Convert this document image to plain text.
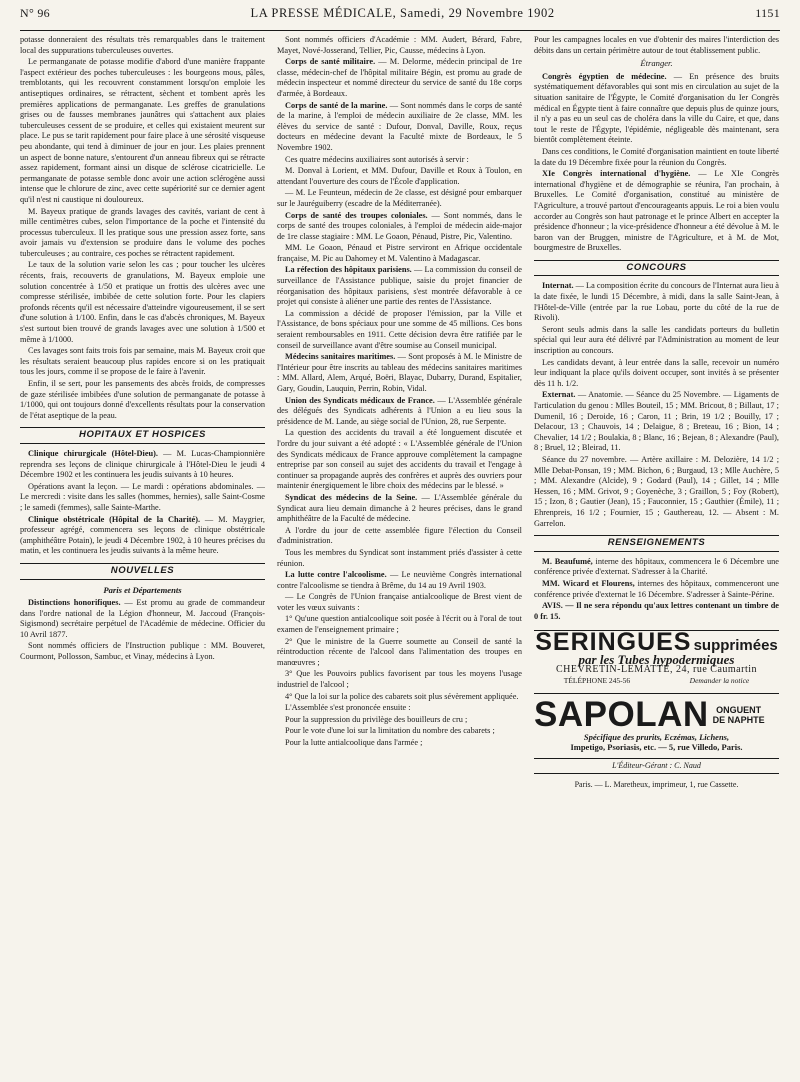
N° 96	LA PRESSE MÉDICALE, Samedi, 29 Novembre 1902	1151

potasse donneraient des résultats très remarquables dans le traitement local des suppurations tuberculeuses ouvertes.

Le permanganate de potasse modifie d'abord d'une manière frappante l'aspect extérieur des poches tuberculeuses : les bourgeons mous, pâles, tremblotants, qui les recouvrent constamment lorsqu'on emploie les antiseptiques ordinaires, se rétractent, sèchent et tombent après les premières applications de permanganate. Les greffes de granulations grises ou de fausses membranes jaunâtres qui s'attachent aux plaies tuberculeuses cessent de se produire, et celles qui existaient meurent sur place. Le pus se tarit rapidement pour faire place à une sérosité visqueuse peu abondante, qui tend à diminuer de jour en jour. Les plaies prennent un aspect de bonne nature, s'entourent d'un anneau fibreux qui se rétracte assez rapidement, formant ainsi un disque de sclérose cicatricielle. Le permanganate de potasse semble donc avoir une action sclérogène aussi intense que le chlorure de zinc, avec cette supériorité sur ce dernier agent qu'il n'est ni caustique ni douloureux.

M. Bayeux pratique de grands lavages des cavités, variant de cent à mille centimètres cubes, selon l'importance de la poche et l'intensité du processus tuberculeux. Il les pratique sous une pression assez forte, sans avoir jamais vu d'extension se produire dans le volume des poches tuberculeuses ; au contraire, ces poches se rétractent rapidement.

Le taux de la solution varie selon les cas ; pour toucher les ulcères récents, frais, recouverts de granulations, M. Bayeux emploie une solution concentrée à 1/50 et pratique un frottis des ulcères avec une compresse stérilisée, imbibée de cette solution forte. Pour les clapiers profonds récents qu'il est nécessaire d'atteindre vigoureusement, il se sert d'une solution à 1/100. Enfin, dans le cas d'abcès chroniques, M. Bayeux s'est surtout bien trouvé de grands lavages avec une solution à 1/500 et même à 1/1000.

Ces lavages sont faits trois fois par semaine, mais M. Bayeux croit que les résultats seraient beaucoup plus rapides encore si on les pratiquait tous les jours, comme il se propose de le faire à l'avenir.

Enfin, il se sert, pour les pansements des abcès froids, de compresses de gaze stérilisée imbibées d'une solution de permanganate de potasse à 1/1000, qui ont toujours donné d'excellents résultats pour la conservation de l'état aseptique de la peau.

HOPITAUX ET HOSPICES

Clinique chirurgicale (Hôtel-Dieu). — M. Lucas-Championnière reprendra ses leçons de clinique chirurgicale à l'Hôtel-Dieu le jeudi 4 Décembre 1902 et les continuera les jeudis suivants à 10 heures.

Opérations avant la leçon. — Le mardi : opérations abdominales. — Le mercredi : visite dans les salles (hommes, hernies), salle Saint-Cosme ; le samedi (femmes), salle Sainte-Marthe.

Clinique obstétricale (Hôpital de la Charité). — M. Maygrier, professeur agrégé, commencera ses leçons de clinique obstétricale (amphithéâtre Potain), le jeudi 4 Décembre 1902, à 10 heures précises du matin, et les continuera les jeudis suivants à la même heure.

NOUVELLES
Paris et Départements

Distinctions honorifiques. — Est promu au grade de commandeur dans l'ordre national de la Légion d'honneur, M. Jaccoud (François-Sigismond) secrétaire perpétuel de l'Académie de médecine. Officier du 10 Avril 1877.

Sont nommés officiers de l'Instruction publique : MM. Bouveret, Courmont, Pollosson, Sambuc, et Vinay, médecins à Lyon.

Sont nommés officiers d'Académie : MM. Audert, Bérard, Fabre, Mayet, Nové-Josserand, Tellier, Pic, Causse, médecins à Lyon.

Corps de santé militaire. — M. Delorme, médecin principal de 1re classe, médecin-chef de l'hôpital militaire Bégin, est promu au grade de médecin inspecteur et nommé directeur du service de santé du 18e corps d'armée, à Bordeaux.

Corps de santé de la marine. — Sont nommés dans le corps de santé de la marine, à l'emploi de médecin auxiliaire de 2e classe, MM. les élèves du service de santé : Dufour, Donval, Daville, Roux, reçus docteurs en médecine devant la Faculté mixte de Bordeaux, le 5 Novembre 1902.

Ces quatre médecins auxiliaires sont autorisés à servir :

M. Donval à Lorient, et MM. Dufour, Daville et Roux à Toulon, en attendant l'ouverture des cours de l'École d'application.

— M. Le Feunteun, médecin de 2e classe, est désigné pour embarquer sur le Jauréguiberry (escadre de la Méditerranée).

Corps de santé des troupes coloniales. — Sont nommés, dans le corps de santé des troupes coloniales, à l'emploi de médecin aide-major de 1re classe stagiaire : MM. Le Goaon, Pénaud, Pistre, Pic, Valentino.

MM. Le Goaon, Pénaud et Pistre serviront en Afrique occidentale française, M. Pic au Dahomey et M. Valentino à Madagascar.

La réfection des hôpitaux parisiens. — La commission du conseil de surveillance de l'Assistance publique, saisie du projet financier de réorganisation des hôpitaux parisiens, s'est montrée défavorable à ce projet qui consiste à aliéner une partie des rentes de l'Assistance.

La commission a décidé de proposer l'émission, par la Ville et l'Assistance, de bons spéciaux pour une somme de 45 millions. Ces bons seraient remboursables en 1911. Cette décision devra être ratifiée par le conseil de surveillance avant d'être soumise au Conseil municipal.

Médecins sanitaires maritimes. — Sont proposés à M. le Ministre de l'Intérieur pour être inscrits au tableau des médecins sanitaires maritimes : MM. Allard, Alem, Arqué, Boëri, Blayac, Dubarry, Durand, Espitalier, Gary, Goudin, Lauquin, Perrin, Robin, Vidal.

Union des Syndicats médicaux de France. — L'Assemblée générale des délégués des Syndicats adhérents à l'Union a eu lieu sous la présidence de M. Lande, au siège social de l'Union, 28, rue Serpente.

La question des accidents du travail a été longuement discutée et l'ordre du jour suivant a été adopté : « L'Assemblée générale de l'Union des Syndicats médicaux de France approuve complètement la campagne entreprise par son conseil au sujet des accidents du travail et l'engage à continuer sa propagande auprès des confrères et auprès des ouvriers pour maintenir énergiquement le libre choix des médecins par le blessé. »

Syndicat des médecins de la Seine. — L'Assemblée générale du Syndicat aura lieu demain dimanche à 2 heures précises, dans le grand amphithéâtre de la Faculté de médecine.

A l'ordre du jour de cette assemblée figure l'élection du Conseil d'administration.

Tous les membres du Syndicat sont instamment priés d'assister à cette réunion.

La lutte contre l'alcoolisme. — Le neuvième Congrès international contre l'alcoolisme se tiendra à Brême, du 14 au 19 Avril 1903.

— Le Congrès de l'Union française antialcoolique de Brest vient de voter les vœux suivants :

1° Qu'une question antialcoolique soit posée à l'écrit ou à l'oral de tout examen de l'enseignement primaire ;

2° Que le ministre de la Guerre soumette au Conseil de santé la réintroduction récente de l'alcool dans l'alimentation des troupes en manœuvres ;

3° Que les Pouvoirs publics favorisent par tous les moyens l'usage industriel de l'alcool ;

4° Que la loi sur la police des cabarets soit plus sévèrement appliquée.

L'Assemblée s'est prononcée ensuite :

Pour la suppression du privilège des bouilleurs de cru ;

Pour le vote d'une loi sur la limitation du nombre des cabarets ;

Pour la lutte antialcoolique dans l'armée ;

Pour les campagnes locales en vue d'obtenir des maires l'interdiction des débits dans un certain périmètre autour de tout établissement public.

Étranger.

Congrès égyptien de médecine. — En présence des bruits systématiquement défavorables qui sont mis en circulation au sujet de la situation sanitaire de l'Égypte, le Comité d'organisation du Ier Congrès médical en Égypte tient à faire connaître que depuis plus de quinze jours, il n'y a pas eu un seul cas de choléra dans la ville du Caire, et que, dans tout le reste de l'Égypte, l'épidémie, négligeable dès maintenant, sera bientôt complètement éteinte.

Dans ces conditions, le Comité d'organisation maintient en toute liberté la date du 19 Décembre fixée pour la réunion du Congrès.

XIe Congrès international d'hygiène. — Le XIe Congrès international d'hygiène et de démographie se réunira, l'an prochain, à Bruxelles. Le Comité d'organisation, constitué au ministère de l'Agriculture, a trouvé partout d'encourageants appuis. Le roi a bien voulu accorder au Congrès son haut patronage et le prince Albert en accepter la présidence d'honneur ; la vice-présidence d'honneur a été dévolue à M. le baron van der Bruggen, ministre de l'Agriculture, et à M. de Mot, bourgmestre de Bruxelles.

CONCOURS

Internat. — La composition écrite du concours de l'Internat aura lieu à la date fixée, le lundi 15 Décembre, à midi, dans la salle Saint-Jean, à l'Hôtel-de-Ville (entrée par la rue Lobau, porte du côté de la rue de Rivoli).

Seront seuls admis dans la salle les candidats porteurs du bulletin spécial qui leur aura été délivré par l'Administration au moment de leur inscription au concours.

Les candidats devant, à leur entrée dans la salle, recevoir un numéro leur indiquant la place qu'ils doivent occuper, sont invités à se présenter dès 11 h. 1/2.

Externat. — Anatomie. — Séance du 25 Novembre. — Ligaments de l'articulation du genou : Mlles Bouteil, 15 ; MM. Bricout, 8 ; Billaut, 17 ; Dumenil, 16 ; Deroide, 16 ; Caron, 11 ; Brin, 19 1/2 ; Bouilly, 17 ; Delacour, 13 ; Chauvois, 14 ; Delaigue, 8 ; Breteau, 16 ; Bion, 14 ; Chevalier, 14 1/2 ; Boulakia, 8 ; Blanc, 16 ; Bejean, 8 ; Alexandre (Paul), 8 ; Bruel, 12 ; Bleirad, 11.

Séance du 27 novembre. — Artère axillaire : M. Delozière, 14 1/2 ; Mlle Debat-Ponsan, 19 ; MM. Bichon, 6 ; Burgaud, 13 ; Mlle Auchère, 5 ; MM. Alexandre (Alcide), 9 ; Godard (Paul), 14 ; Gillet, 14 ; Mlle Hessen, 16 ; MM. Grivot, 9 ; Goyenèche, 3 ; Graillon, 5 ; Foy (Robert), 15 ; Izon, 8 ; Gautier (Jean), 15 ; Fauconnier, 15 ; Gauthier (Émile), 11 ; Ehrenpreis, 16 1/2 ; Fournier, 15 ; Gauthereau, 12. — Absent : M. Garrelon.

RENSEIGNEMENTS

M. Beaufumé, interne des hôpitaux, commencera le 6 Décembre une conférence privée d'externat. S'adresser à la Charité.

MM. Wicard et Flourens, internes des hôpitaux, commenceront une conférence privée d'externat le 16 Décembre. S'adresser à Sainte-Périne.

AVIS. — Il ne sera répondu qu'aux lettres contenant un timbre de 0 fr. 15.

SERINGUES supprimées
par les Tubes hypodermiques
CHEVRETIN-LEMATTE, 24, rue Caumartin
TÉLÉPHONE 245-56	Demander la notice
SAPOLAN ONGUENT
DE NAPHTE
Spécifique des prurits, Eczémas, Lichens,
Impetigo, Psoriasis, etc. — 5, rue Villedo, Paris.
L'Éditeur-Gérant : C. Naud
Paris. — L. Maretheux, imprimeur, 1, rue Cassette.
